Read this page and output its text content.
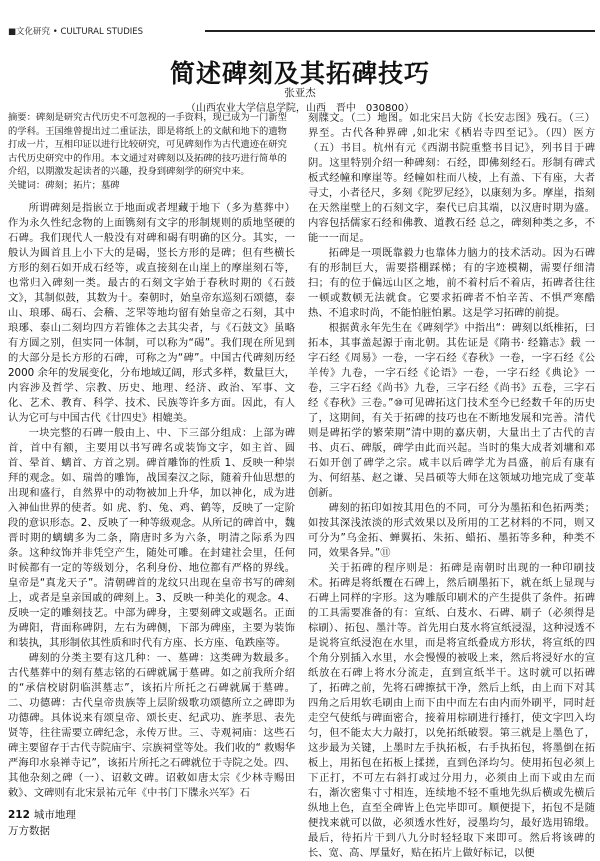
■文化研究 • CULTURAL STUDIES
简述碑刻及其拓碑技巧
张亚杰
（山西农业大学信息学院，山西　晋中　030800）

摘要：碑刻是研究古代历史不可忽视的一手资料，现已成为一门新型的学科。王国维曾提出过二重证法，即是将纸上的文献和地下的遗物打成一片，互相印证以进行比较研究，可见碑刻作为古代遗迹在研究古代历史研究中的作用。本文通过对碑刻以及拓碑的技巧进行简单的介绍，以期激发起读者的兴趣，投身到碑刻学的研究中来。

关键词：碑刻；拓片；墓碑

所谓碑刻是指嵌立于地面或者埋藏于地下（多为墓葬中）作为永久性纪念物的上面镌刻有文字的形制规则的质地坚硬的石碑。我们现代人一般没有对碑和碣有明确的区分。其实，一般认为圆首且上小下大的是碣，竖长方形的是碑；但有些横长方形的刻石如开成石经等，或直接刻在山崖上的摩崖刻石等，也常归入碑刻一类。最古的石刻文字始于春秋时期的《石鼓文》，其制似鼓，其数为十。秦朝时，始皇帝东巡刻石颂德，泰山、琅琊、碣石、会稽、芝罘等地均留有始皇帝之石刻，其中琅琊、泰山二刻均四方若锥体之去其尖者，与《石鼓文》虽略有方圆之别，但实同一体制，可以称为“碣”。我们现在所见到的大部分是长方形的石碑，可称之为“碑”。中国古代碑刻历经 2000 余年的发展变化，分布地域辽阔，形式多样，数量巨大，内容涉及哲学、宗教、历史、地理、经济、政治、军事、文化、艺术、教育、科学、技术、民族等许多方面。因此，有人认为它可与中国古代《廿四史》相媲美。

一块完整的石碑一般由上、中、下三部分组成：上部为碑首，首中有额，主要用以书写碑名或装饰文字，如主首、圆首、晕首、螭首、方首之别。碑首雕饰的性质 1、反映一种崇拜的观念。如、瑞兽的雕饰，战国秦汉之际，随着升仙思想的出现和盛行，自然界中的动物被加上升华，加以神化，成为进入神仙世界的使者。如 虎、豹、兔、鸡、鹤等，反映了一定阶段的意识形态。2、反映了一种等级观念。从所记的碑首中，魏晋时期的螭螭多为二条，隋唐时多为六条，明清之际系为四条。这种纹饰并非凭空产生，随处可雕。在封建社会里，任何时候都有一定的等级划分，名利身份、地位都有严格的界线。皇帝是“真龙天子”。清朝碑首的龙纹只出现在皇帝书写的碑刻上，或者是皇亲国戚的碑刻上。3、反映一种美化的观念。4、反映一定的雕刻技艺。中部为碑身，主要刻碑文或题名。正面为碑阳，背面称碑阴，左右为碑侧，下部为碑座，主要为装饰和装执，其形制依其性质和时代有方座、长方座、龟跌座等。

碑刻的分类主要有这几种：一、墓碑：这类碑为数最多。古代墓葬中的刻有墓志铭的石碑就属于墓碑。如之前我所介绍的“承信校尉阴临淇墓志”，该拓片所托之石碑就属于墓碑。二、功德碑：古代皇帝贵族等上层阶级歌功颂德所立之碑即为功德碑。具体说来有颂皇帝、颂长吏、纪武功、旌孝思、表先贤等，往往需要立碑纪念，永传万世。三、寺观祠庙：这些石碑主要留存于古代寺院庙宇、宗族祠堂等处。我们收的“ 救赐华严海印水泉禅寺记”，该拓片所托之石碑就位于寺院之处。四、其他杂刻之碑（一）、诏敕文碑。诏敕如唐太宗《少林寺赐田敕》、文碑则有北宋景祐元年《中书门下牒永兴军》石

刻牒文。（二）地图。如北宋吕大防《长安志图》残石。（三）界至。古代各种界碑 ,如北宋《栖岩寺四至记》。（四）医方（五）书目。杭州有元《西湖书院重整书目记》，列书目于碑阴。这里特别介绍一种碑刻：石经，即佛刻经石。形制有碑式板式经幢和摩崖等。经幢如柱而八棱，上有盖、下有座，大者寻丈，小者径尺，多刻《陀罗尼经》，以康刻为多。摩崖，指刻在天然崖壁上的石刻文字，秦代已启其端，以汉唐时期为盛。内容包括儒家石经和佛教、道教石经 总之，碑刻种类之多，不能一一而足。

拓碑是一项既靠毅力也靠体力脑力的技术活动。因为石碑有的形制巨大，需要搭棚踩梯；有的字迹模糊，需要仔细清扫；有的位于偏远山区之地，前不着村后不着店，拓碑者往往一顿或数顿无法就食。它要求拓碑者不怕辛苦、不惧严寒酷热、不追求时尚，不能怕脏怕累。这是学习拓碑的前提。

根据黄永年先生在《碑刻学》中指出“：碑刻以纸椎拓，曰拓本，其事盖起源于南北朝。其佐证是《隋书· 经籍志》载 一字石经《周易》一卷，一字石经《春秋》一卷，一字石经《公羊传》九卷，一字石经《论语》一卷，一字石经《典论》一卷，三字石经《尚书》九卷，三字石经《尚书》五卷，三字石经《春秋》三卷。”⑩可见碑拓这门技术至今已经数千年的历史了，这期间，有关于拓碑的技巧也在不断地发展和完善。清代则是碑拓学的繁荣期”清中期的嘉庆朝，大量出土了古代的吉书、贞石、碑版，碑学由此而兴起。当时的集大成者刘墉和邓石如开创了碑学之宗。咸丰以后碑学尤为昌盛，前后有康有为、何绍基、赵之谦、吴昌硕等大师在这领域功地完成了变革创新。

碑刻的拓印如按其用色的不同，可分为墨拓和色拓两类；如按其深浅浓淡的形式效果以及所用的工艺材料的不同，则又可分为”乌金拓、蝉翼拓、朱拓、蜡拓、墨拓等多种，种类不同，效果各异。”⑪

关于拓碑的程序则是：拓碑是南朝时出现的一种印刷技术。拓碑是将纸覆在石碑上，然后刷墨拓下，就在纸上显现与石碑上同样的字形。这为雕版印刷术的产生提供了条件。拓碑的工具需要准备的有：宣纸、白芨水、石碑、刷子（必须得是棕刷）、拓包、墨汁等。首先用白芨水将宣纸浸湿，这种浸透不是说将宣纸浸泡在水里，而是将宣纸叠成方形状，将宣纸的四个角分别插入水里，水会慢慢的被吸上来，然后将浸好水的宣纸放在石碑上将水分流走，直到宣纸半干。这时就可以拓碑了，拓碑之前，先将石碑擦拭干净，然后上纸，由上而下对其四角之后用软毛刷由上而下由中而左右由内而外刷平，同时赶走空气使纸与碑面密合，接着用棕刷进行捶打，使文字凹入均匀，但不能太大力敲打，以免拓纸破裂。第三就是上墨色了，这步最为关键，上墨时左手执拓板，右手执拓包，将墨倒在拓板上，用拓包在拓板上揉搓，直到色泽均匀。使用拓包必须上下正打，不可左右斜打或过分用力，必须由上而下或由左而右，渐次密集寸寸相连，连续地不轻不重地先纵后横或先横后纵地上色，直至全碑皆上色完毕即可。顺便提下，拓包不是随便找来就可以做，必须透水性好，浸墨均匀，最好选用锦缎。最后，待拓片干到八九分时轻轻取下来即可。然后将该碑的长、宽、高、厚量好，贴在拓片上做好标记，以便

212 城市地理
万方数据
